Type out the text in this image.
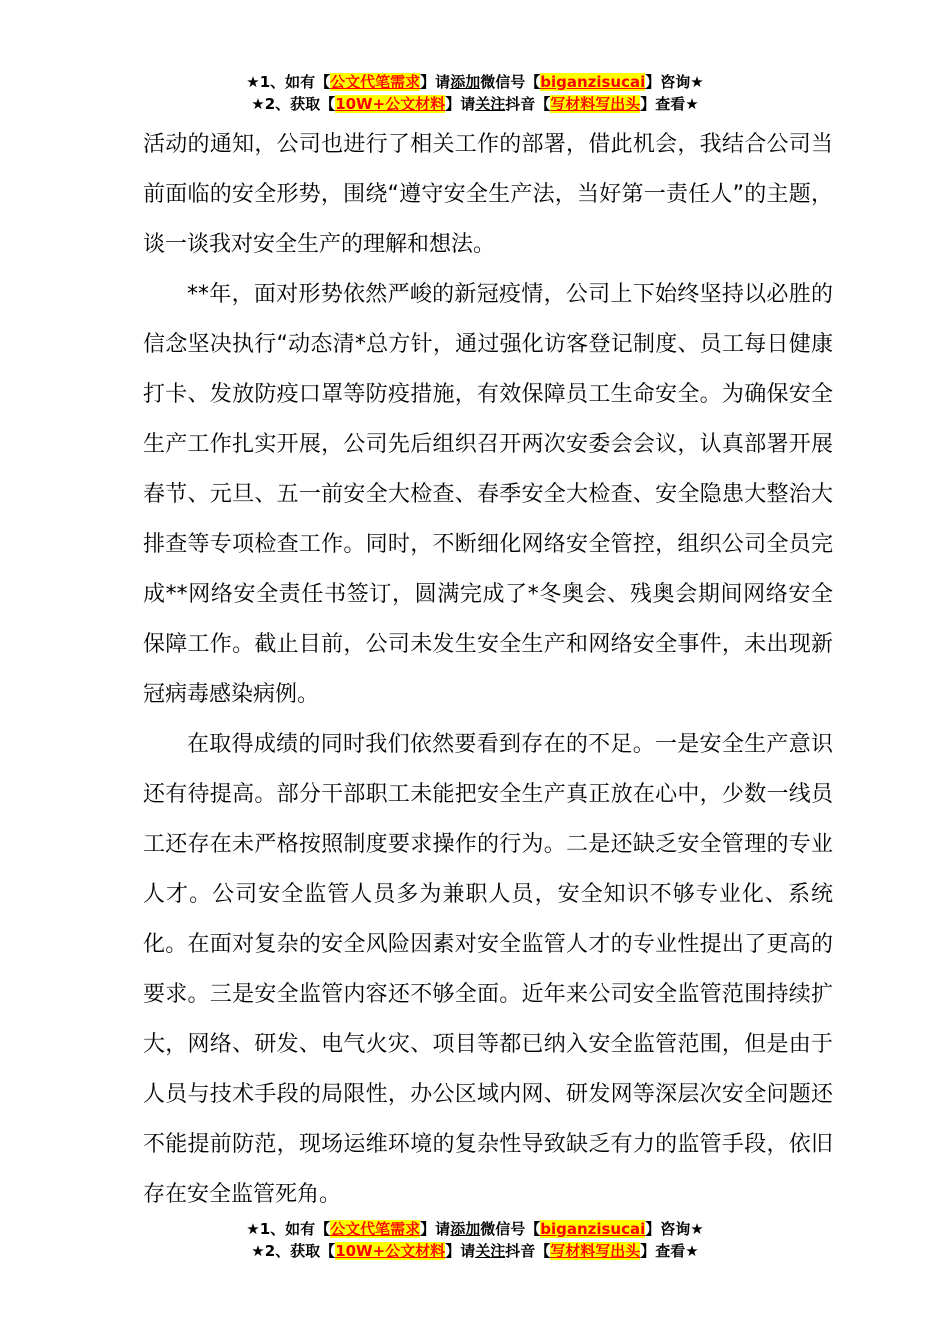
★1、如有【公文代笔需求】请添加微信号【biganzisucai】咨询★
★2、获取【10W+公文材料】请关注抖音【写材料写出头】查看★

活动的通知，公司也进行了相关工作的部署，借此机会，我结合公司当前面临的安全形势，围绕“遵守安全生产法，当好第一责任人”的主题，谈一谈我对安全生产的理解和想法。

**年，面对形势依然严峻的新冠疫情，公司上下始终坚持以必胜的信念坚决执行“动态清*总方针，通过强化访客登记制度、员工每日健康打卡、发放防疫口罩等防疫措施，有效保障员工生命安全。为确保安全生产工作扎实开展，公司先后组织召开两次安委会会议，认真部署开展春节、元旦、五一前安全大检查、春季安全大检查、安全隐患大整治大排查等专项检查工作。同时，不断细化网络安全管控，组织公司全员完成**网络安全责任书签订，圆满完成了*冬奥会、残奥会期间网络安全保障工作。截止目前，公司未发生安全生产和网络安全事件，未出现新冠病毒感染病例。

在取得成绩的同时我们依然要看到存在的不足。一是安全生产意识还有待提高。部分干部职工未能把安全生产真正放在心中，少数一线员工还存在未严格按照制度要求操作的行为。二是还缺乏安全管理的专业人才。公司安全监管人员多为兼职人员，安全知识不够专业化、系统化。在面对复杂的安全风险因素对安全监管人才的专业性提出了更高的要求。三是安全监管内容还不够全面。近年来公司安全监管范围持续扩大，网络、研发、电气火灾、项目等都已纳入安全监管范围，但是由于人员与技术手段的局限性，办公区域内网、研发网等深层次安全问题还不能提前防范，现场运维环境的复杂性导致缺乏有力的监管手段，依旧存在安全监管死角。

★1、如有【公文代笔需求】请添加微信号【biganzisucai】咨询★
★2、获取【10W+公文材料】请关注抖音【写材料写出头】查看★
